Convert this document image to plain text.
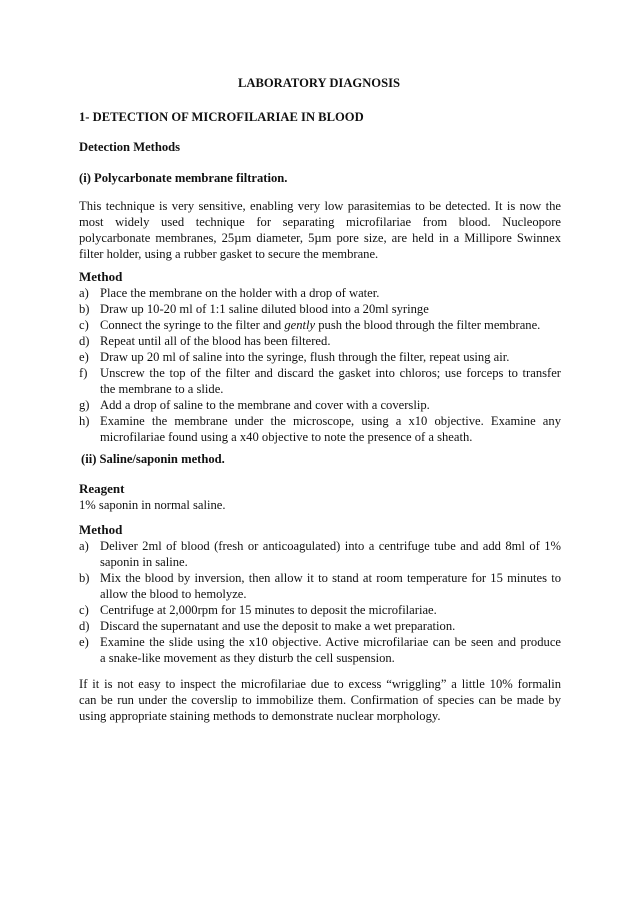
LABORATORY DIAGNOSIS
1- DETECTION OF MICROFILARIAE IN BLOOD
Detection Methods
(i) Polycarbonate membrane filtration.
This technique is very sensitive, enabling very low parasitemias to be detected. It is now the
most widely used technique for separating microfilariae from blood. Nucleopore
polycarbonate membranes, 25µm diameter, 5µm pore size, are held in a Millipore Swinnex
filter holder, using a rubber gasket to secure the membrane.
Method
a) Place the membrane on the holder with a drop of water.
b) Draw up 10-20 ml of 1:1 saline diluted blood into a 20ml syringe
c) Connect the syringe to the filter and gently push the blood through the filter membrane.
d) Repeat until all of the blood has been filtered.
e) Draw up 20 ml of saline into the syringe, flush through the filter, repeat using air.
f) Unscrew the top of the filter and discard the gasket into chloros; use forceps to transfer
the membrane to a slide.
g) Add a drop of saline to the membrane and cover with a coverslip.
h) Examine the membrane under the microscope, using a x10 objective. Examine any
microfilariae found using a x40 objective to note the presence of a sheath.
(ii) Saline/saponin method.
Reagent
1% saponin in normal saline.
Method
a) Deliver 2ml of blood (fresh or anticoagulated) into a centrifuge tube and add 8ml of 1%
saponin in saline.
b) Mix the blood by inversion, then allow it to stand at room temperature for 15 minutes to
allow the blood to hemolyze.
c) Centrifuge at 2,000rpm for 15 minutes to deposit the microfilariae.
d) Discard the supernatant and use the deposit to make a wet preparation.
e) Examine the slide using the x10 objective. Active microfilariae can be seen and produce
a snake-like movement as they disturb the cell suspension.
If it is not easy to inspect the microfilariae due to excess “wriggling” a little 10% formalin
can be run under the coverslip to immobilize them. Confirmation of species can be made by
using appropriate staining methods to demonstrate nuclear morphology.
